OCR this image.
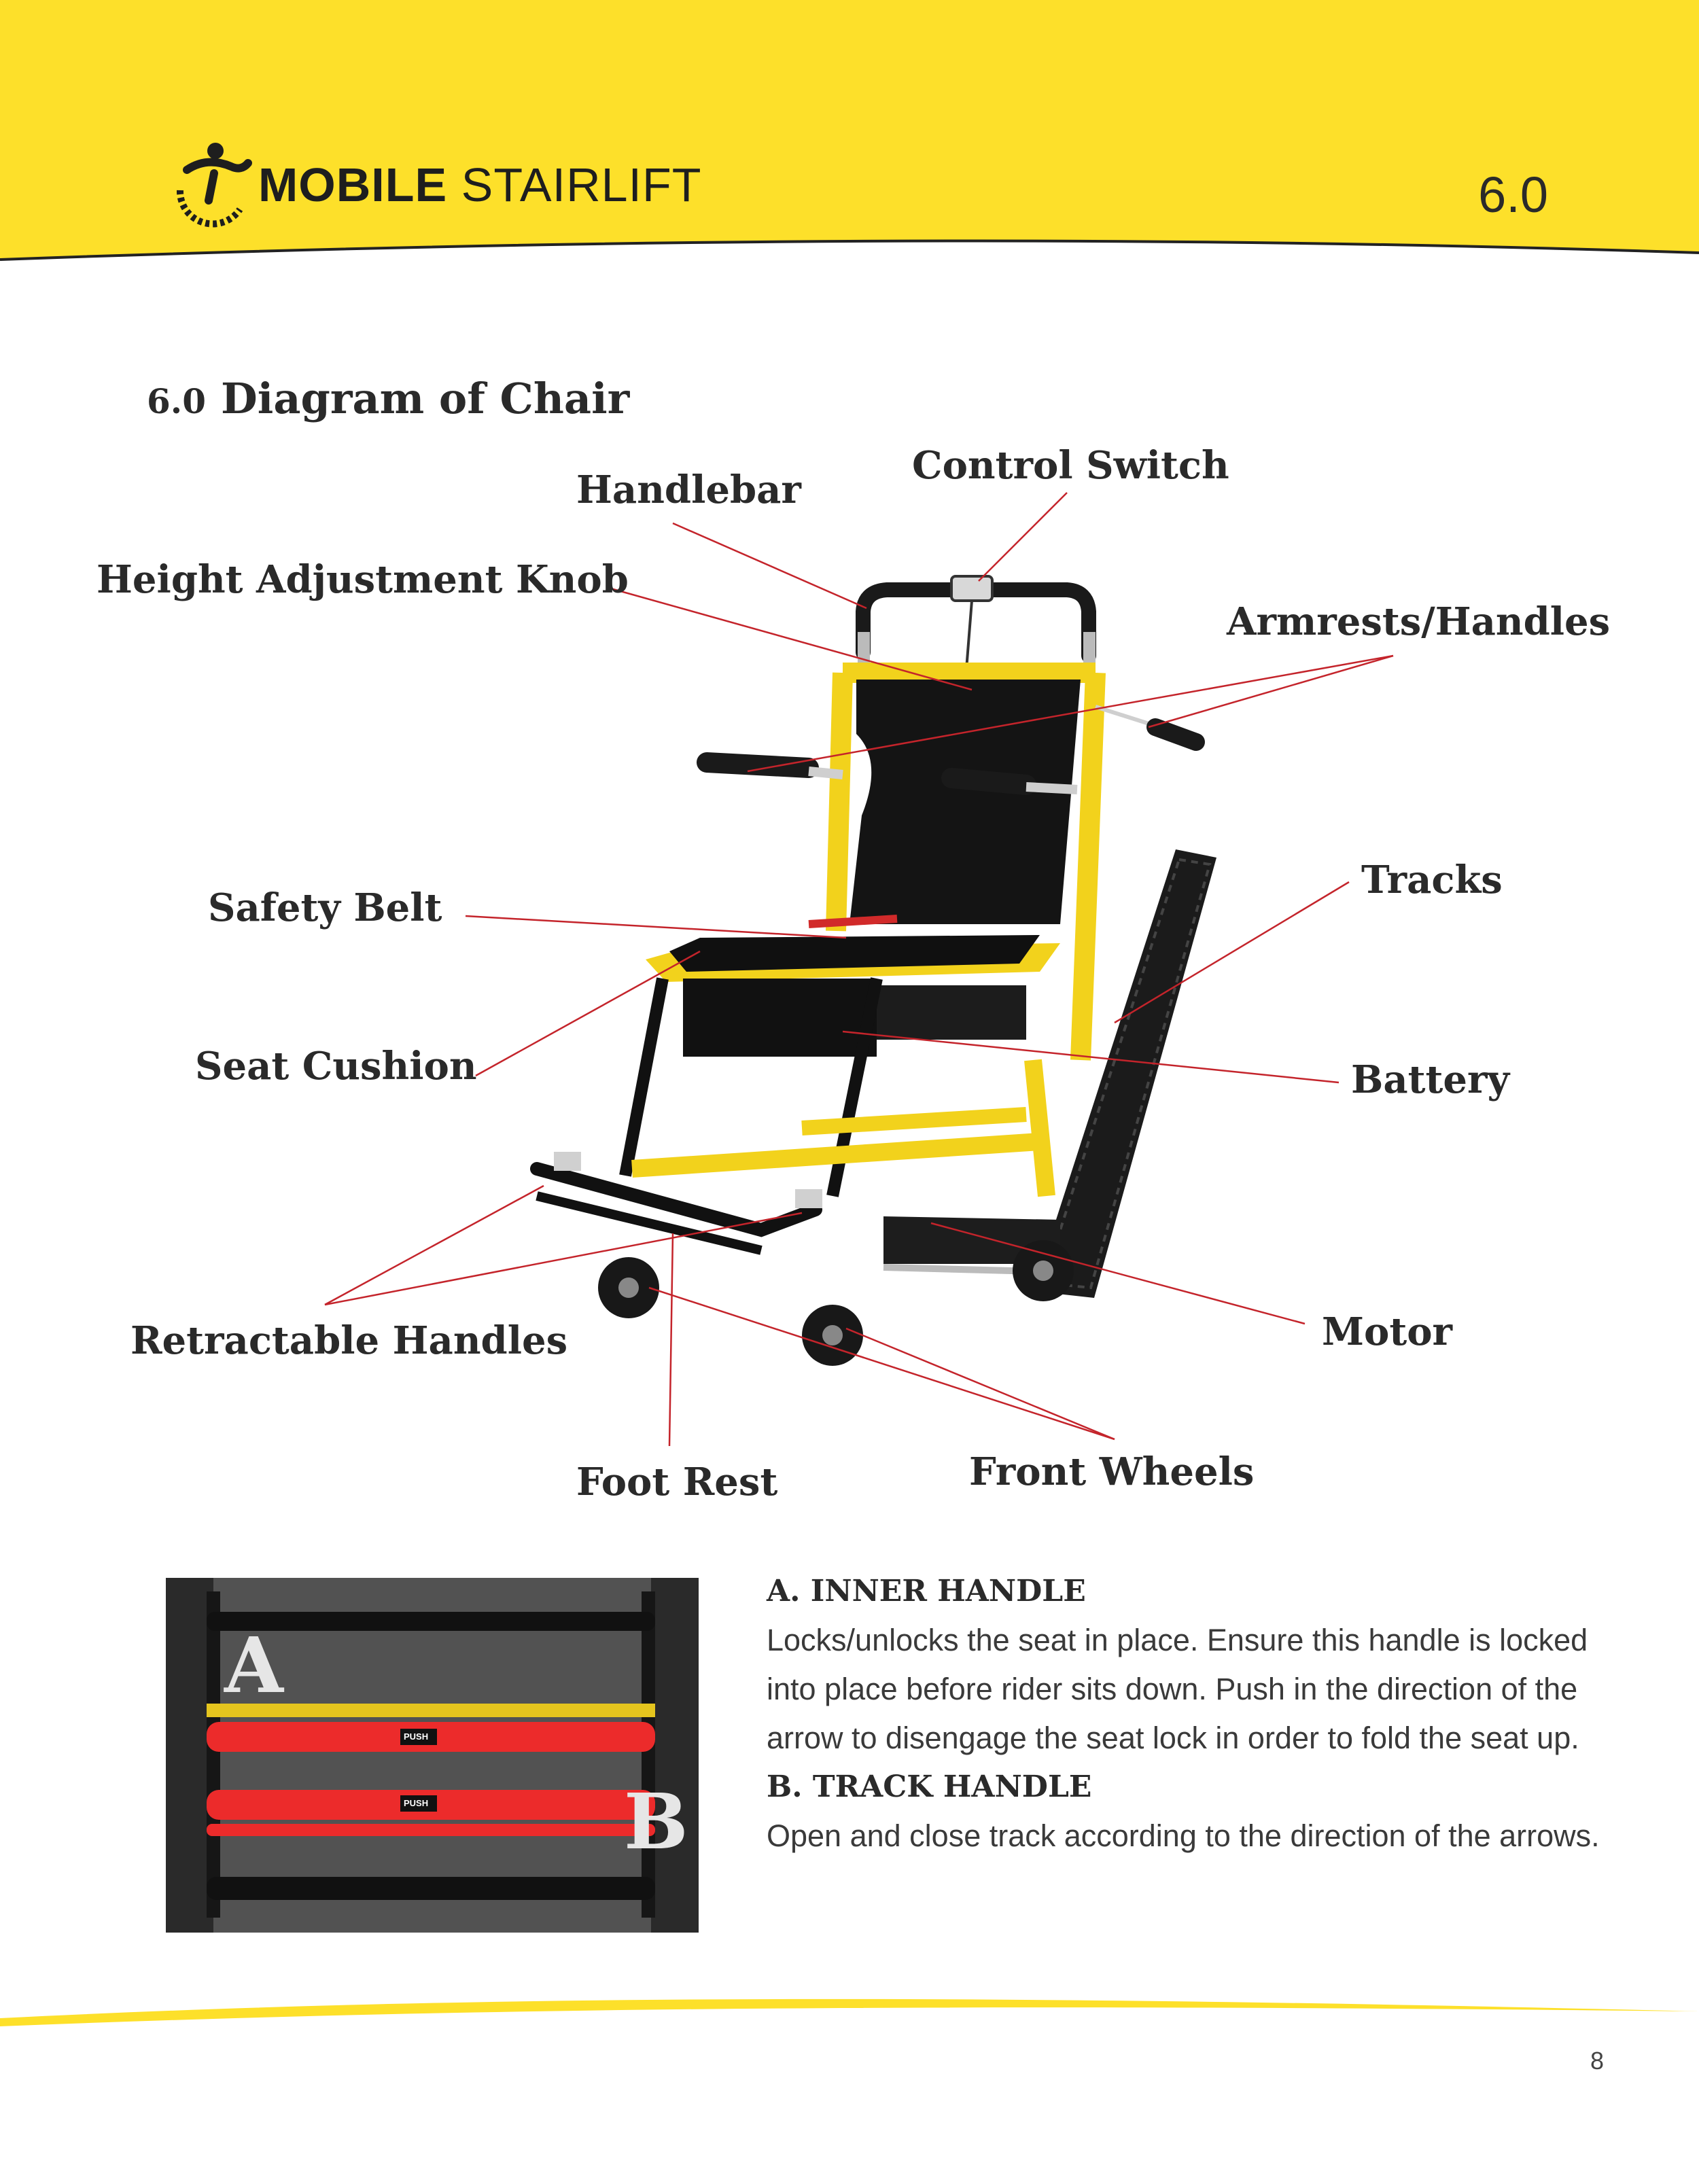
MOBILE STAIRLIFT	6.0
6.0 Diagram of Chair
Handlebar
Control Switch
Height Adjustment Knob
Armrests/Handles
Tracks
Safety Belt
Seat Cushion	Battery
Motor
Retractable Handles
Foot Rest	Front Wheels
A
B
PUSH
PUSH
A. INNER HANDLE
Locks/unlocks the seat in place. Ensure this handle is locked into place before rider sits down. Push in the direction of the arrow to disengage the seat lock in order to fold the seat up.
B. TRACK HANDLE
Open and close track according to the direction of the arrows.
8
